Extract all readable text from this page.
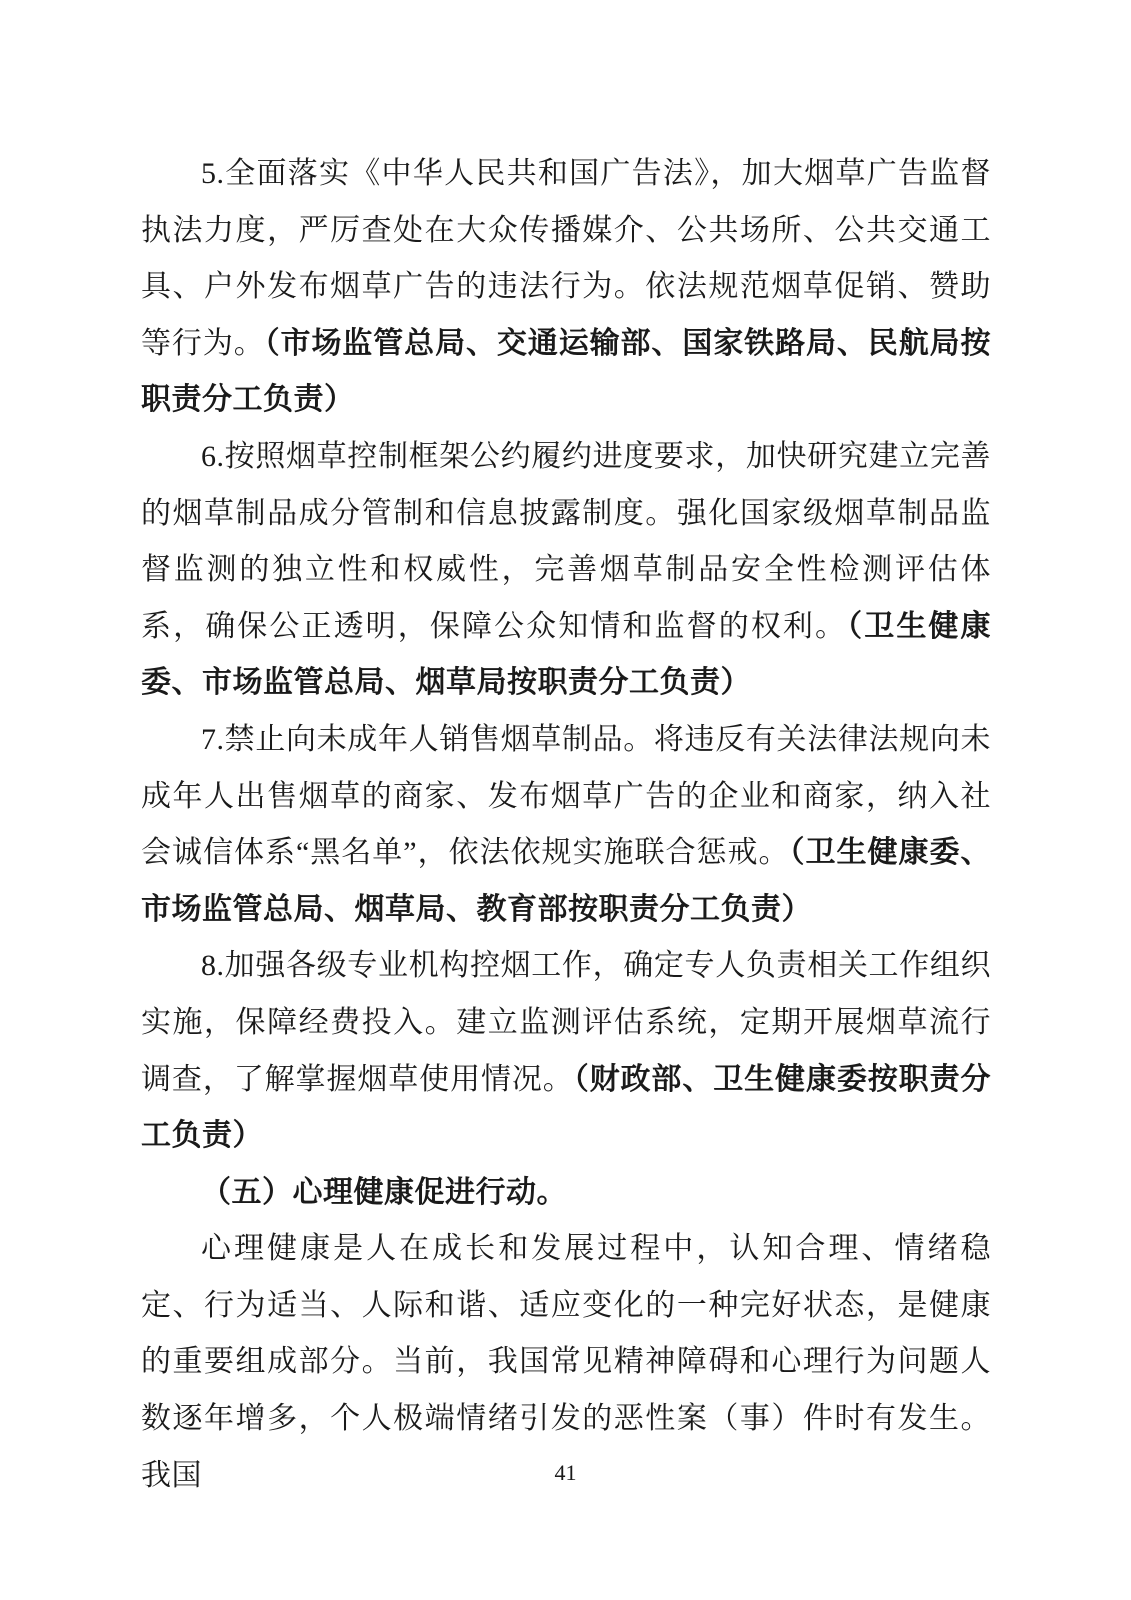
5.全面落实《中华人民共和国广告法》，加大烟草广告监督执法力度，严厉查处在大众传播媒介、公共场所、公共交通工具、户外发布烟草广告的违法行为。依法规范烟草促销、赞助等行为。（市场监管总局、交通运输部、国家铁路局、民航局按职责分工负责）

6.按照烟草控制框架公约履约进度要求，加快研究建立完善的烟草制品成分管制和信息披露制度。强化国家级烟草制品监督监测的独立性和权威性，完善烟草制品安全性检测评估体系，确保公正透明，保障公众知情和监督的权利。（卫生健康委、市场监管总局、烟草局按职责分工负责）

7.禁止向未成年人销售烟草制品。将违反有关法律法规向未成年人出售烟草的商家、发布烟草广告的企业和商家，纳入社会诚信体系“黑名单”，依法依规实施联合惩戒。（卫生健康委、市场监管总局、烟草局、教育部按职责分工负责）

8.加强各级专业机构控烟工作，确定专人负责相关工作组织实施，保障经费投入。建立监测评估系统，定期开展烟草流行调查，了解掌握烟草使用情况。（财政部、卫生健康委按职责分工负责）

（五）心理健康促进行动。

心理健康是人在成长和发展过程中，认知合理、情绪稳定、行为适当、人际和谐、适应变化的一种完好状态，是健康的重要组成部分。当前，我国常见精神障碍和心理行为问题人数逐年增多，个人极端情绪引发的恶性案（事）件时有发生。我国	41
